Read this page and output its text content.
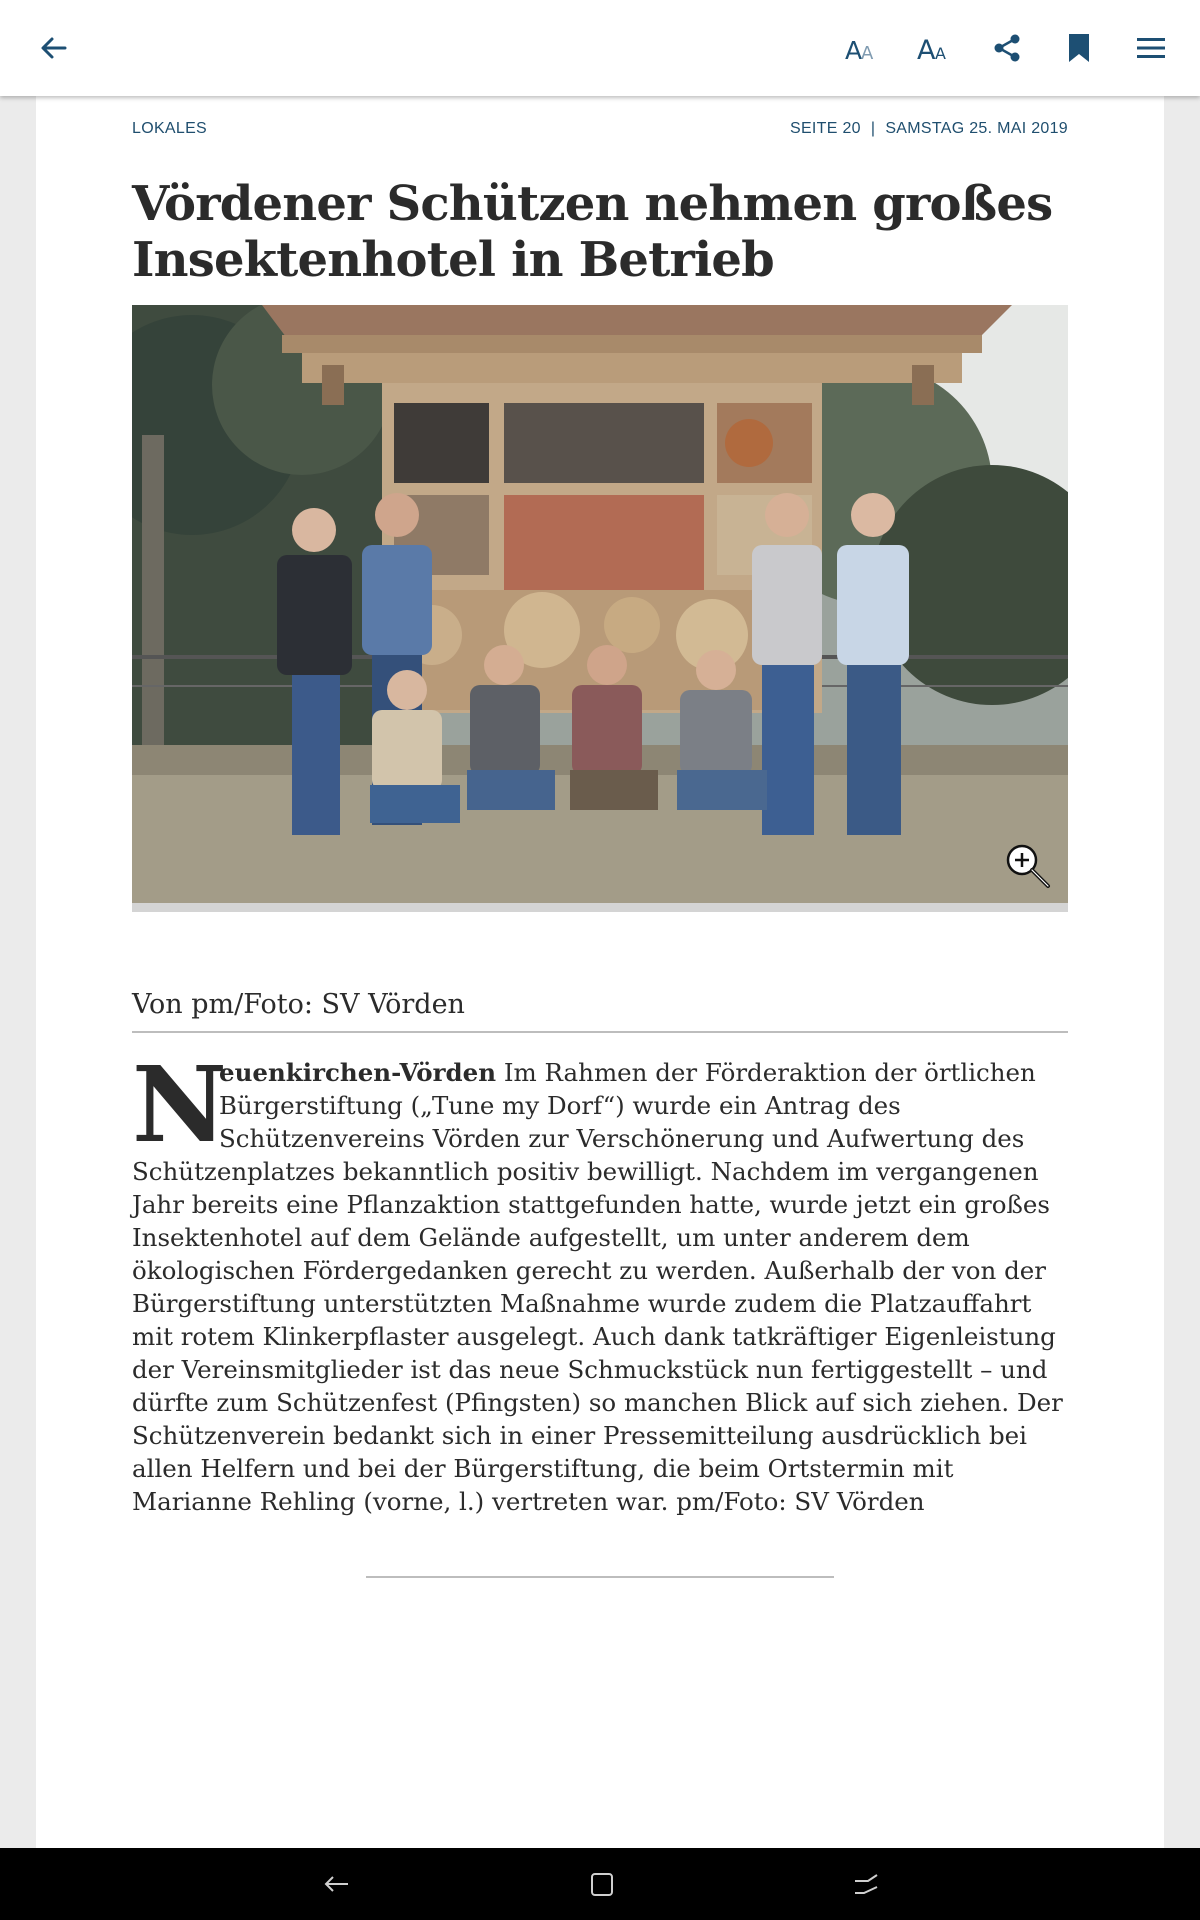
A
A A A
LOKALES	SEITE 20 | SAMSTAG 25. MAI 2019
Vördener Schützen nehmen großes Insektenhotel in Betrieb
Von pm/Foto: SV Vörden
N
euenkirchen-Vörden Im Rahmen der Förderaktion der örtlichen Bürgerstiftung („Tune my Dorf“) wurde ein Antrag des Schützenvereins Vörden zur Verschönerung und Aufwertung des Schützenplatzes bekanntlich positiv bewilligt. Nachdem im vergangenen Jahr bereits eine Pflanzaktion stattgefunden hatte, wurde jetzt ein großes Insektenhotel auf dem Gelände aufgestellt, um unter anderem dem ökologischen Fördergedanken gerecht zu werden. Außerhalb der von der Bürgerstiftung unterstützten Maßnahme wurde zudem die Platzauffahrt mit rotem Klinkerpflaster ausgelegt. Auch dank tatkräftiger Eigenleistung der Vereinsmitglieder ist das neue Schmuckstück nun fertiggestellt – und dürfte zum Schützenfest (Pfingsten) so manchen Blick auf sich ziehen. Der Schützenverein bedankt sich in einer Pressemitteilung ausdrücklich bei allen Helfern und bei der Bürgerstiftung, die beim Ortstermin mit Marianne Rehling (vorne, l.) vertreten war. pm/Foto: SV Vörden
